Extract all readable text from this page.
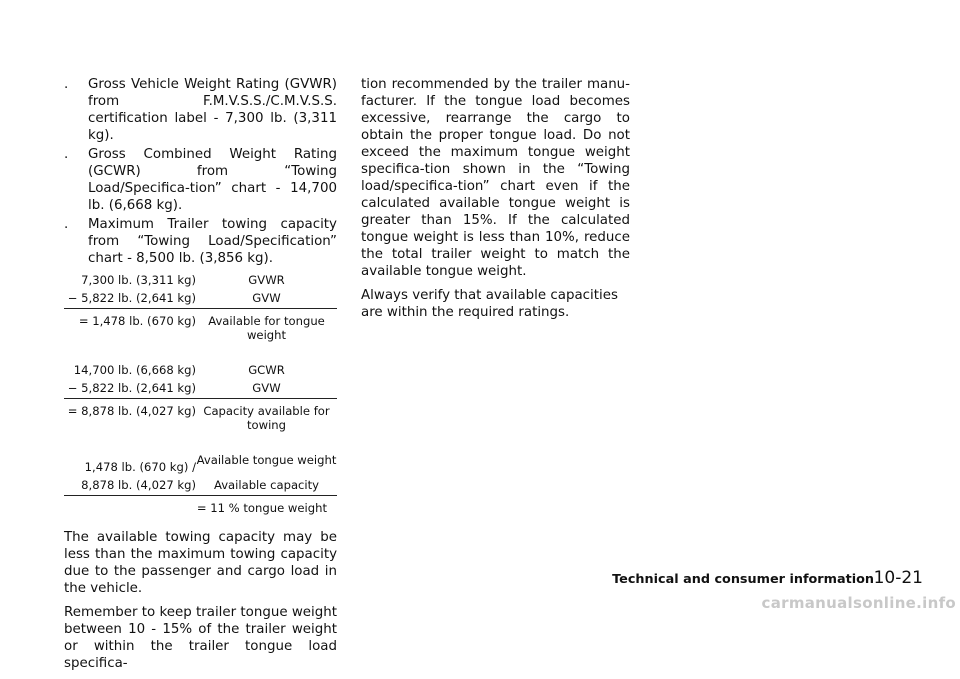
. Gross Vehicle Weight Rating (GVWR) from F.M.V.S.S./C.M.V.S.S. certification label - 7,300 lb. (3,311 kg).
. Gross Combined Weight Rating (GCWR) from “Towing Load/Specifica-tion” chart - 14,700 lb. (6,668 kg).
. Maximum Trailer towing capacity from “Towing Load/Specification” chart - 8,500 lb. (3,856 kg).
7,300 lb. (3,311 kg)	GVWR
− 5,822 lb. (2,641 kg)	GVW
= 1,478 lb. (670 kg)	Available for tongue weight
14,700 lb. (6,668 kg)	GCWR
− 5,822 lb. (2,641 kg)	GVW
= 8,878 lb. (4,027 kg) Capacity available for towing
1,478 lb. (670 kg) / Available tongue weight
8,878 lb. (4,027 kg)	Available capacity
= 11 % tongue weight

The available towing capacity may be less than the maximum towing capacity due to the passenger and cargo load in the vehicle.

Remember to keep trailer tongue weight between 10 - 15% of the trailer weight or within the trailer tongue load specifica-

tion recommended by the trailer manu-facturer. If the tongue load becomes excessive, rearrange the cargo to obtain the proper tongue load. Do not exceed the maximum tongue weight specifica-tion shown in the “Towing load/specifica-tion” chart even if the calculated available tongue weight is greater than 15%. If the calculated tongue weight is less than 10%, reduce the total trailer weight to match the available tongue weight.

Always verify that available capacities are within the required ratings.

Technical and consumer information 10-21
carmanualsonline.info
